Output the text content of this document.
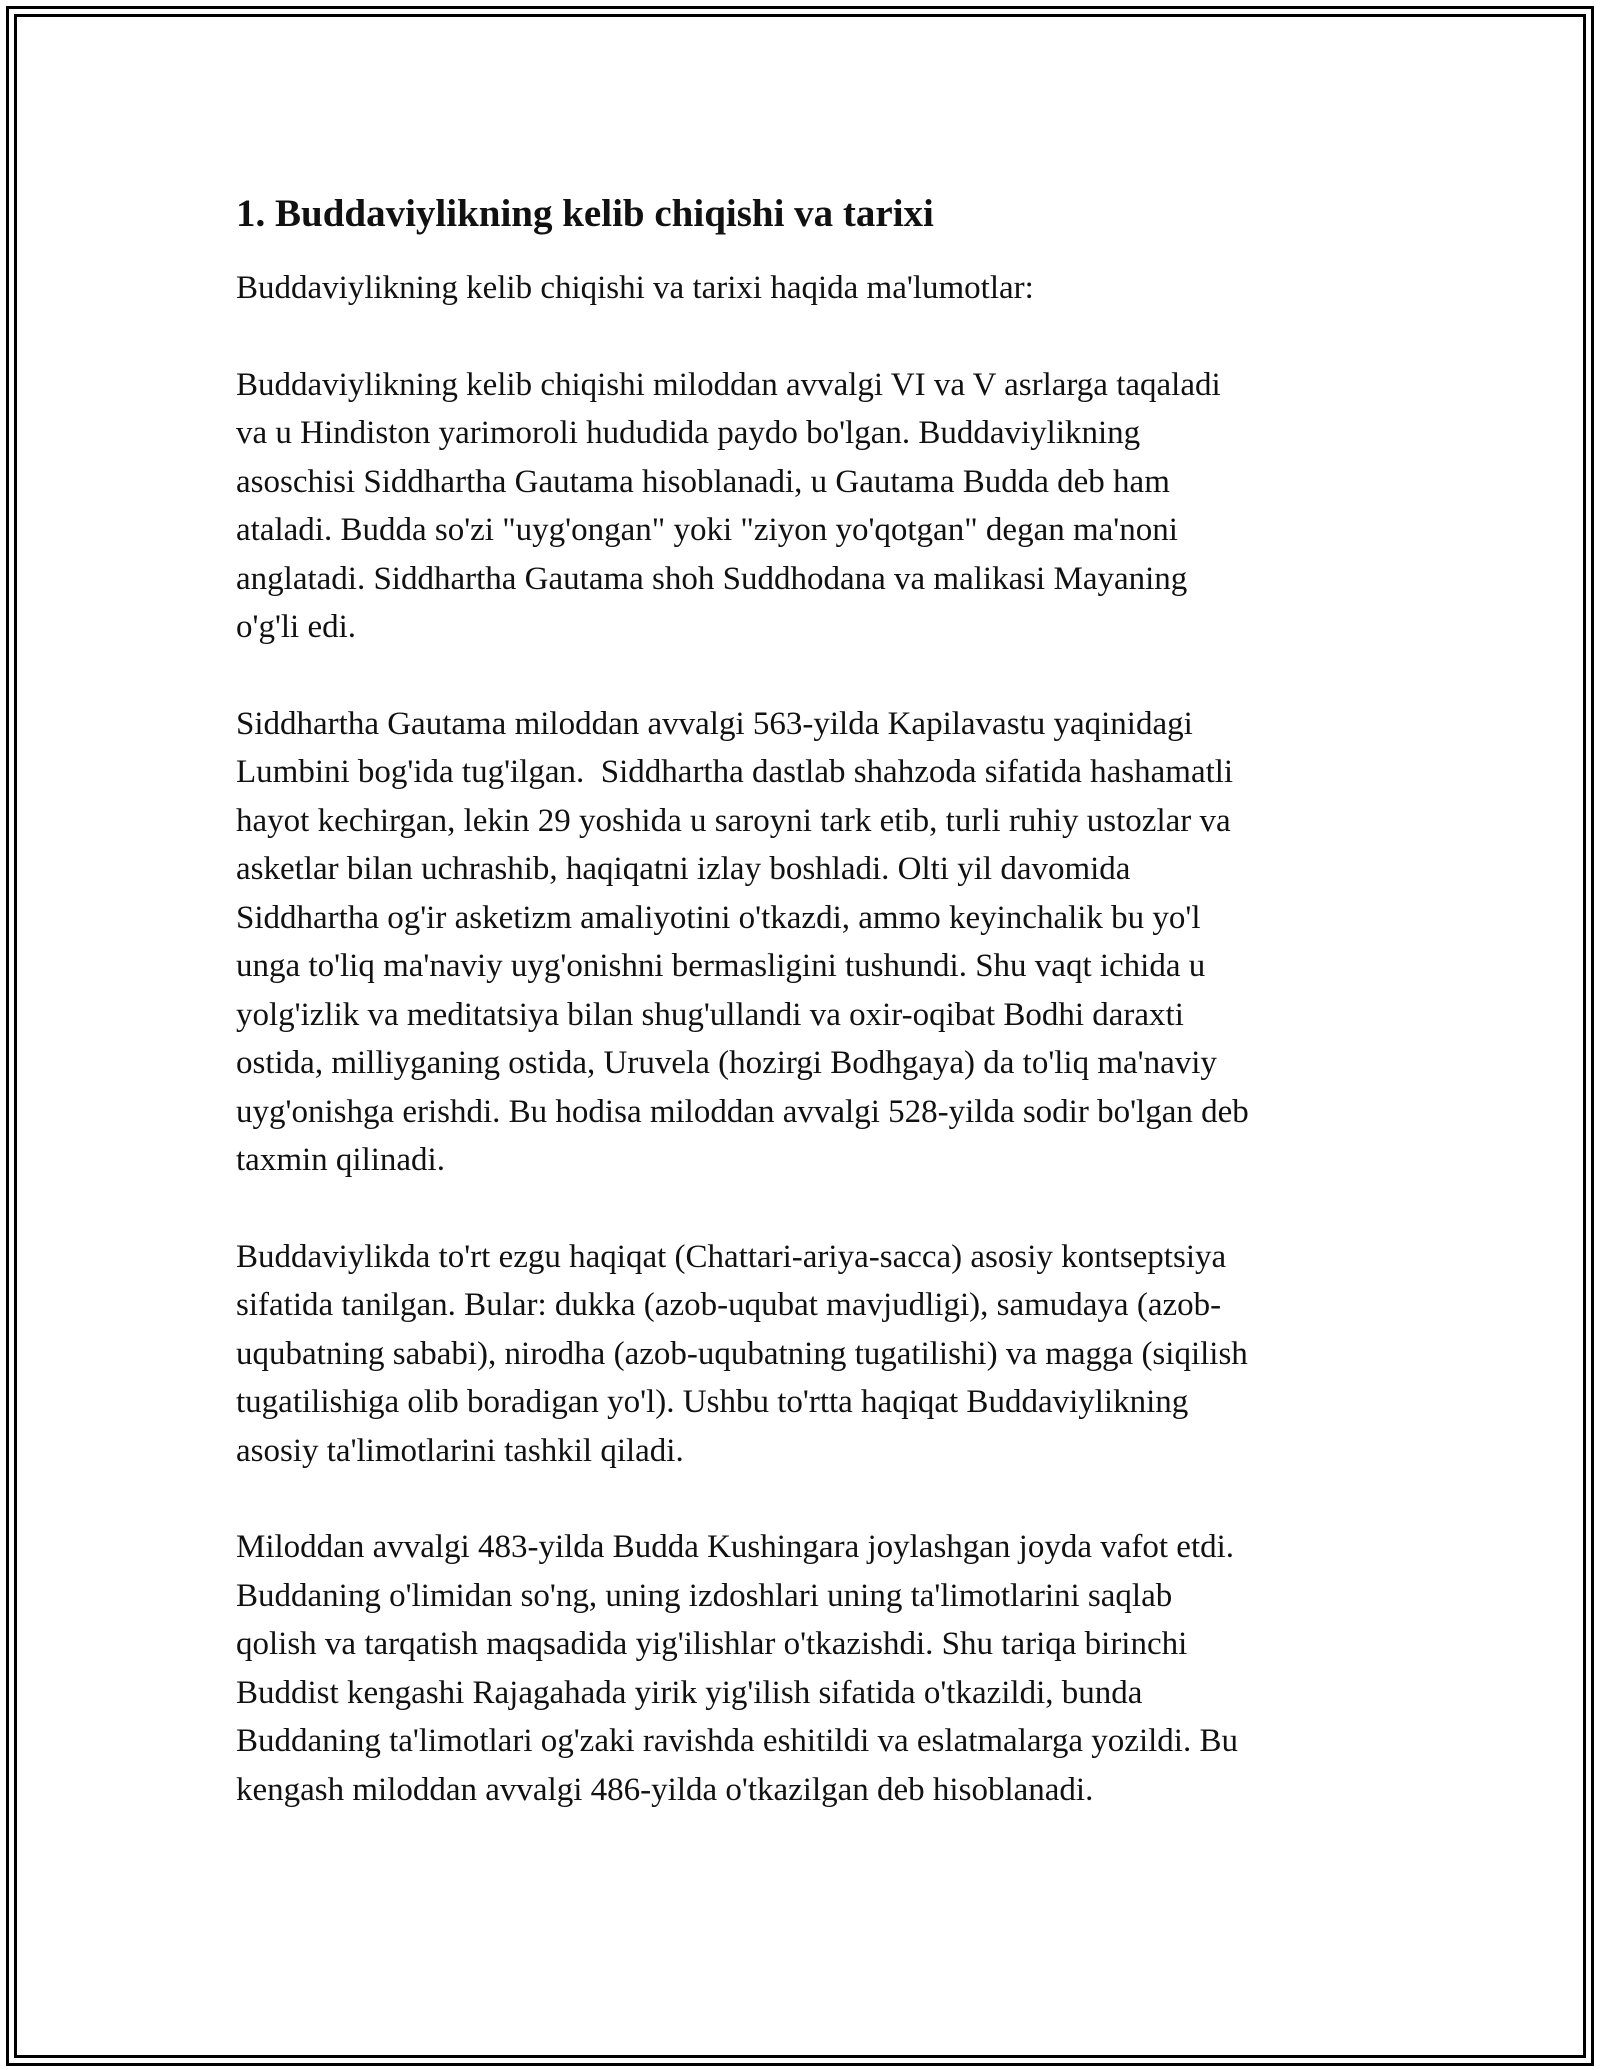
1. Buddaviylikning kelib chiqishi va tarixi
Buddaviylikning kelib chiqishi va tarixi haqida ma'lumotlar:
Buddaviylikning kelib chiqishi miloddan avvalgi VI va V asrlarga taqaladi
va u Hindiston yarimoroli hududida paydo bo'lgan. Buddaviylikning
asoschisi Siddhartha Gautama hisoblanadi, u Gautama Budda deb ham
ataladi. Budda so'zi "uyg'ongan" yoki "ziyon yo'qotgan" degan ma'noni
anglatadi. Siddhartha Gautama shoh Suddhodana va malikasi Mayaning
o'g'li edi.
Siddhartha Gautama miloddan avvalgi 563-yilda Kapilavastu yaqinidagi
Lumbini bog'ida tug'ilgan.  Siddhartha dastlab shahzoda sifatida hashamatli
hayot kechirgan, lekin 29 yoshida u saroyni tark etib, turli ruhiy ustozlar va
asketlar bilan uchrashib, haqiqatni izlay boshladi. Olti yil davomida
Siddhartha og'ir asketizm amaliyotini o'tkazdi, ammo keyinchalik bu yo'l
unga to'liq ma'naviy uyg'onishni bermasligini tushundi. Shu vaqt ichida u
yolg'izlik va meditatsiya bilan shug'ullandi va oxir-oqibat Bodhi daraxti
ostida, milliyganing ostida, Uruvela (hozirgi Bodhgaya) da to'liq ma'naviy
uyg'onishga erishdi. Bu hodisa miloddan avvalgi 528-yilda sodir bo'lgan deb
taxmin qilinadi.
Buddaviylikda to'rt ezgu haqiqat (Chattari-ariya-sacca) asosiy kontseptsiya
sifatida tanilgan. Bular: dukka (azob-uqubat mavjudligi), samudaya (azob-
uqubatning sababi), nirodha (azob-uqubatning tugatilishi) va magga (siqilish
tugatilishiga olib boradigan yo'l). Ushbu to'rtta haqiqat Buddaviylikning
asosiy ta'limotlarini tashkil qiladi.
Miloddan avvalgi 483-yilda Budda Kushingara joylashgan joyda vafot etdi.
Buddaning o'limidan so'ng, uning izdoshlari uning ta'limotlarini saqlab
qolish va tarqatish maqsadida yig'ilishlar o'tkazishdi. Shu tariqa birinchi
Buddist kengashi Rajagahada yirik yig'ilish sifatida o'tkazildi, bunda
Buddaning ta'limotlari og'zaki ravishda eshitildi va eslatmalarga yozildi. Bu
kengash miloddan avvalgi 486-yilda o'tkazilgan deb hisoblanadi.
